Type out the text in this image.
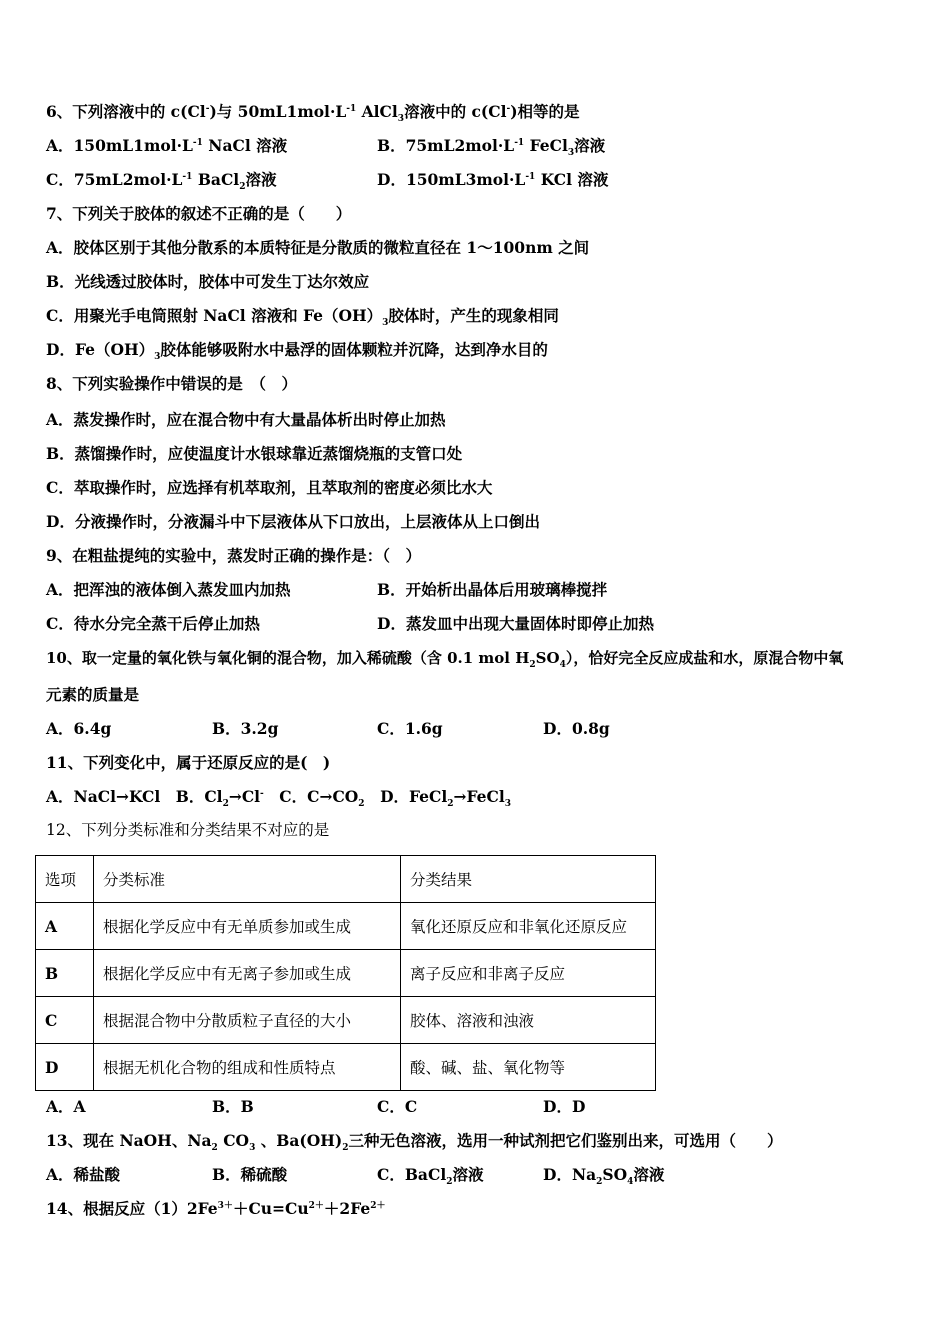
6、下列溶液中的 c(Cl-)与 $50mL1mol\cdot L^{-1}$ AlCl$_3$溶液中的 c(Cl-)相等的是
A．$150mL1mol\cdot L^{-1}$ NaCl 溶液	B．$75mL2mol\cdot L^{-1}$ FeCl$_3$溶液
C．$75mL2mol\cdot L^{-1}$ BaCl$_2$溶液	D．$150mL3mol\cdot L^{-1}$ KCl 溶液
7、下列关于胶体的叙述不正确的是（　　）
A．胶体区别于其他分散系的本质特征是分散质的微粒直径在 1～100nm 之间
B．光线透过胶体时，胶体中可发生丁达尔效应
C．用聚光手电筒照射 NaCl 溶液和 $Fe(OH)_3$胶体时，产生的现象相同
D．$Fe(OH)_3$胶体能够吸附水中悬浮的固体颗粒并沉降，达到净水目的
8、下列实验操作中错误的是　（　）
A．蒸发操作时，应在混合物中有大量晶体析出时停止加热
B．蒸馏操作时，应使温度计水银球靠近蒸馏烧瓶的支管口处
C．萃取操作时，应选择有机萃取剂，且萃取剂的密度必须比水大
D．分液操作时，分液漏斗中下层液体从下口放出，上层液体从上口倒出
9、在粗盐提纯的实验中，蒸发时正确的操作是：（　）
A．把浑浊的液体倒入蒸发皿内加热	B．开始析出晶体后用玻璃棒搅拌
C．待水分完全蒸干后停止加热	D．蒸发皿中出现大量固体时即停止加热
10、取一定量的氧化铁与氧化铜的混合物，加入稀硫酸（含 0.1 mol $H_2SO_4$），恰好完全反应成盐和水，原混合物中氧
元素的质量是
A．6.4g	B．3.2g	C．1.6g	D．0.8g
11、下列变化中，属于还原反应的是(　)
A．NaCl→KCl　B．$Cl_2\to Cl^-$　C．$C\to CO_2$　D．FeCl$_2$→FeCl$_3$
12、下列分类标准和分类结果不对应的是
选项	分类标准	分类结果
A	根据化学反应中有无单质参加或生成	氧化还原反应和非氧化还原反应
B	根据化学反应中有无离子参加或生成	离子反应和非离子反应
C	根据混合物中分散质粒子直径的大小	胶体、溶液和浊液
D	根据无机化合物的组成和性质特点	酸、碱、盐、氧化物等
A．A	B．B	C．C	D．D
13、现在 NaOH、$Na_2$ $CO_3$ 、$Ba(OH)_2$三种无色溶液，选用一种试剂把它们鉴别出来，可选用（　　）
A．稀盐酸	B．稀硫酸	C．BaCl$_2$溶液	D．$Na_2SO_4$溶液
14、根据反应$(1)2Fe^{3+}+Cu=Cu^{2+}+2Fe^{2+}$
